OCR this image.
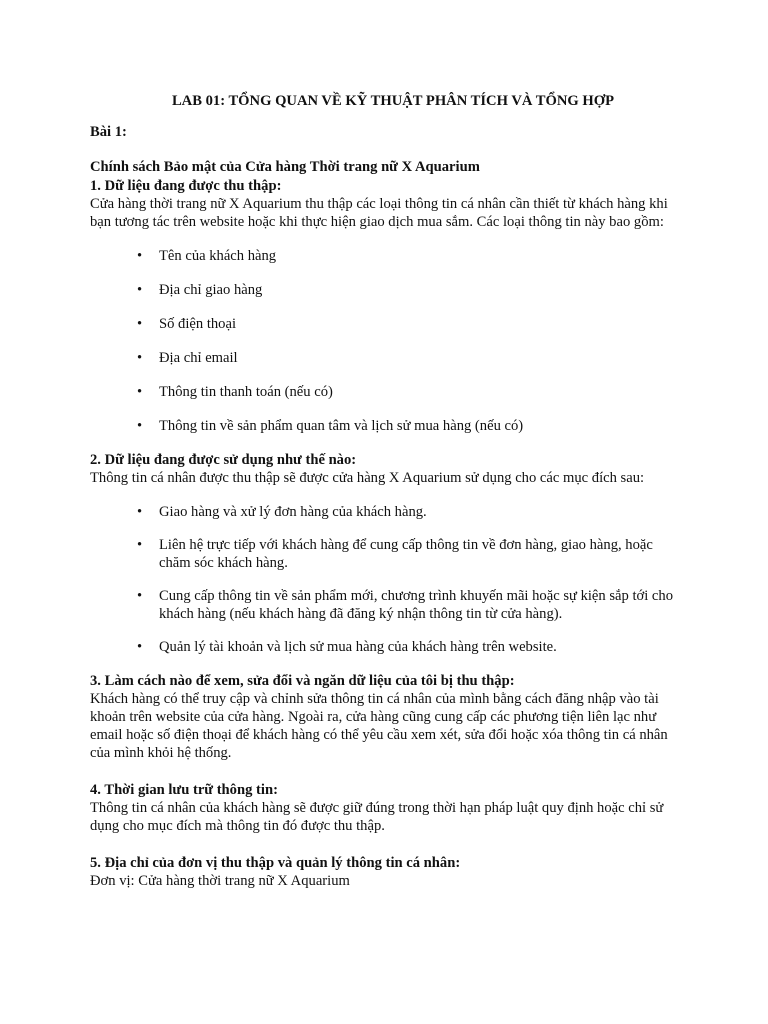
LAB 01: TỔNG QUAN VỀ KỸ THUẬT PHÂN TÍCH VÀ TỔNG HỢP

Bài 1:

Chính sách Bảo mật của Cửa hàng Thời trang nữ X Aquarium

1. Dữ liệu đang được thu thập:

Cửa hàng thời trang nữ X Aquarium thu thập các loại thông tin cá nhân cần thiết từ khách hàng khi bạn tương tác trên website hoặc khi thực hiện giao dịch mua sắm. Các loại thông tin này bao gồm:

• Tên của khách hàng
• Địa chỉ giao hàng
• Số điện thoại
• Địa chỉ email
• Thông tin thanh toán (nếu có)
• Thông tin về sản phẩm quan tâm và lịch sử mua hàng (nếu có)

2. Dữ liệu đang được sử dụng như thế nào:

Thông tin cá nhân được thu thập sẽ được cửa hàng X Aquarium sử dụng cho các mục đích sau:

• Giao hàng và xử lý đơn hàng của khách hàng.
• Liên hệ trực tiếp với khách hàng để cung cấp thông tin về đơn hàng, giao hàng, hoặc chăm sóc khách hàng.
• Cung cấp thông tin về sản phẩm mới, chương trình khuyến mãi hoặc sự kiện sắp tới cho khách hàng (nếu khách hàng đã đăng ký nhận thông tin từ cửa hàng).
• Quản lý tài khoản và lịch sử mua hàng của khách hàng trên website.

3. Làm cách nào để xem, sửa đổi và ngăn dữ liệu của tôi bị thu thập:

Khách hàng có thể truy cập và chỉnh sửa thông tin cá nhân của mình bằng cách đăng nhập vào tài khoản trên website của cửa hàng. Ngoài ra, cửa hàng cũng cung cấp các phương tiện liên lạc như email hoặc số điện thoại để khách hàng có thể yêu cầu xem xét, sửa đổi hoặc xóa thông tin cá nhân của mình khỏi hệ thống.

4. Thời gian lưu trữ thông tin:

Thông tin cá nhân của khách hàng sẽ được giữ đúng trong thời hạn pháp luật quy định hoặc chỉ sử dụng cho mục đích mà thông tin đó được thu thập.

5. Địa chỉ của đơn vị thu thập và quản lý thông tin cá nhân:

Đơn vị: Cửa hàng thời trang nữ X Aquarium
